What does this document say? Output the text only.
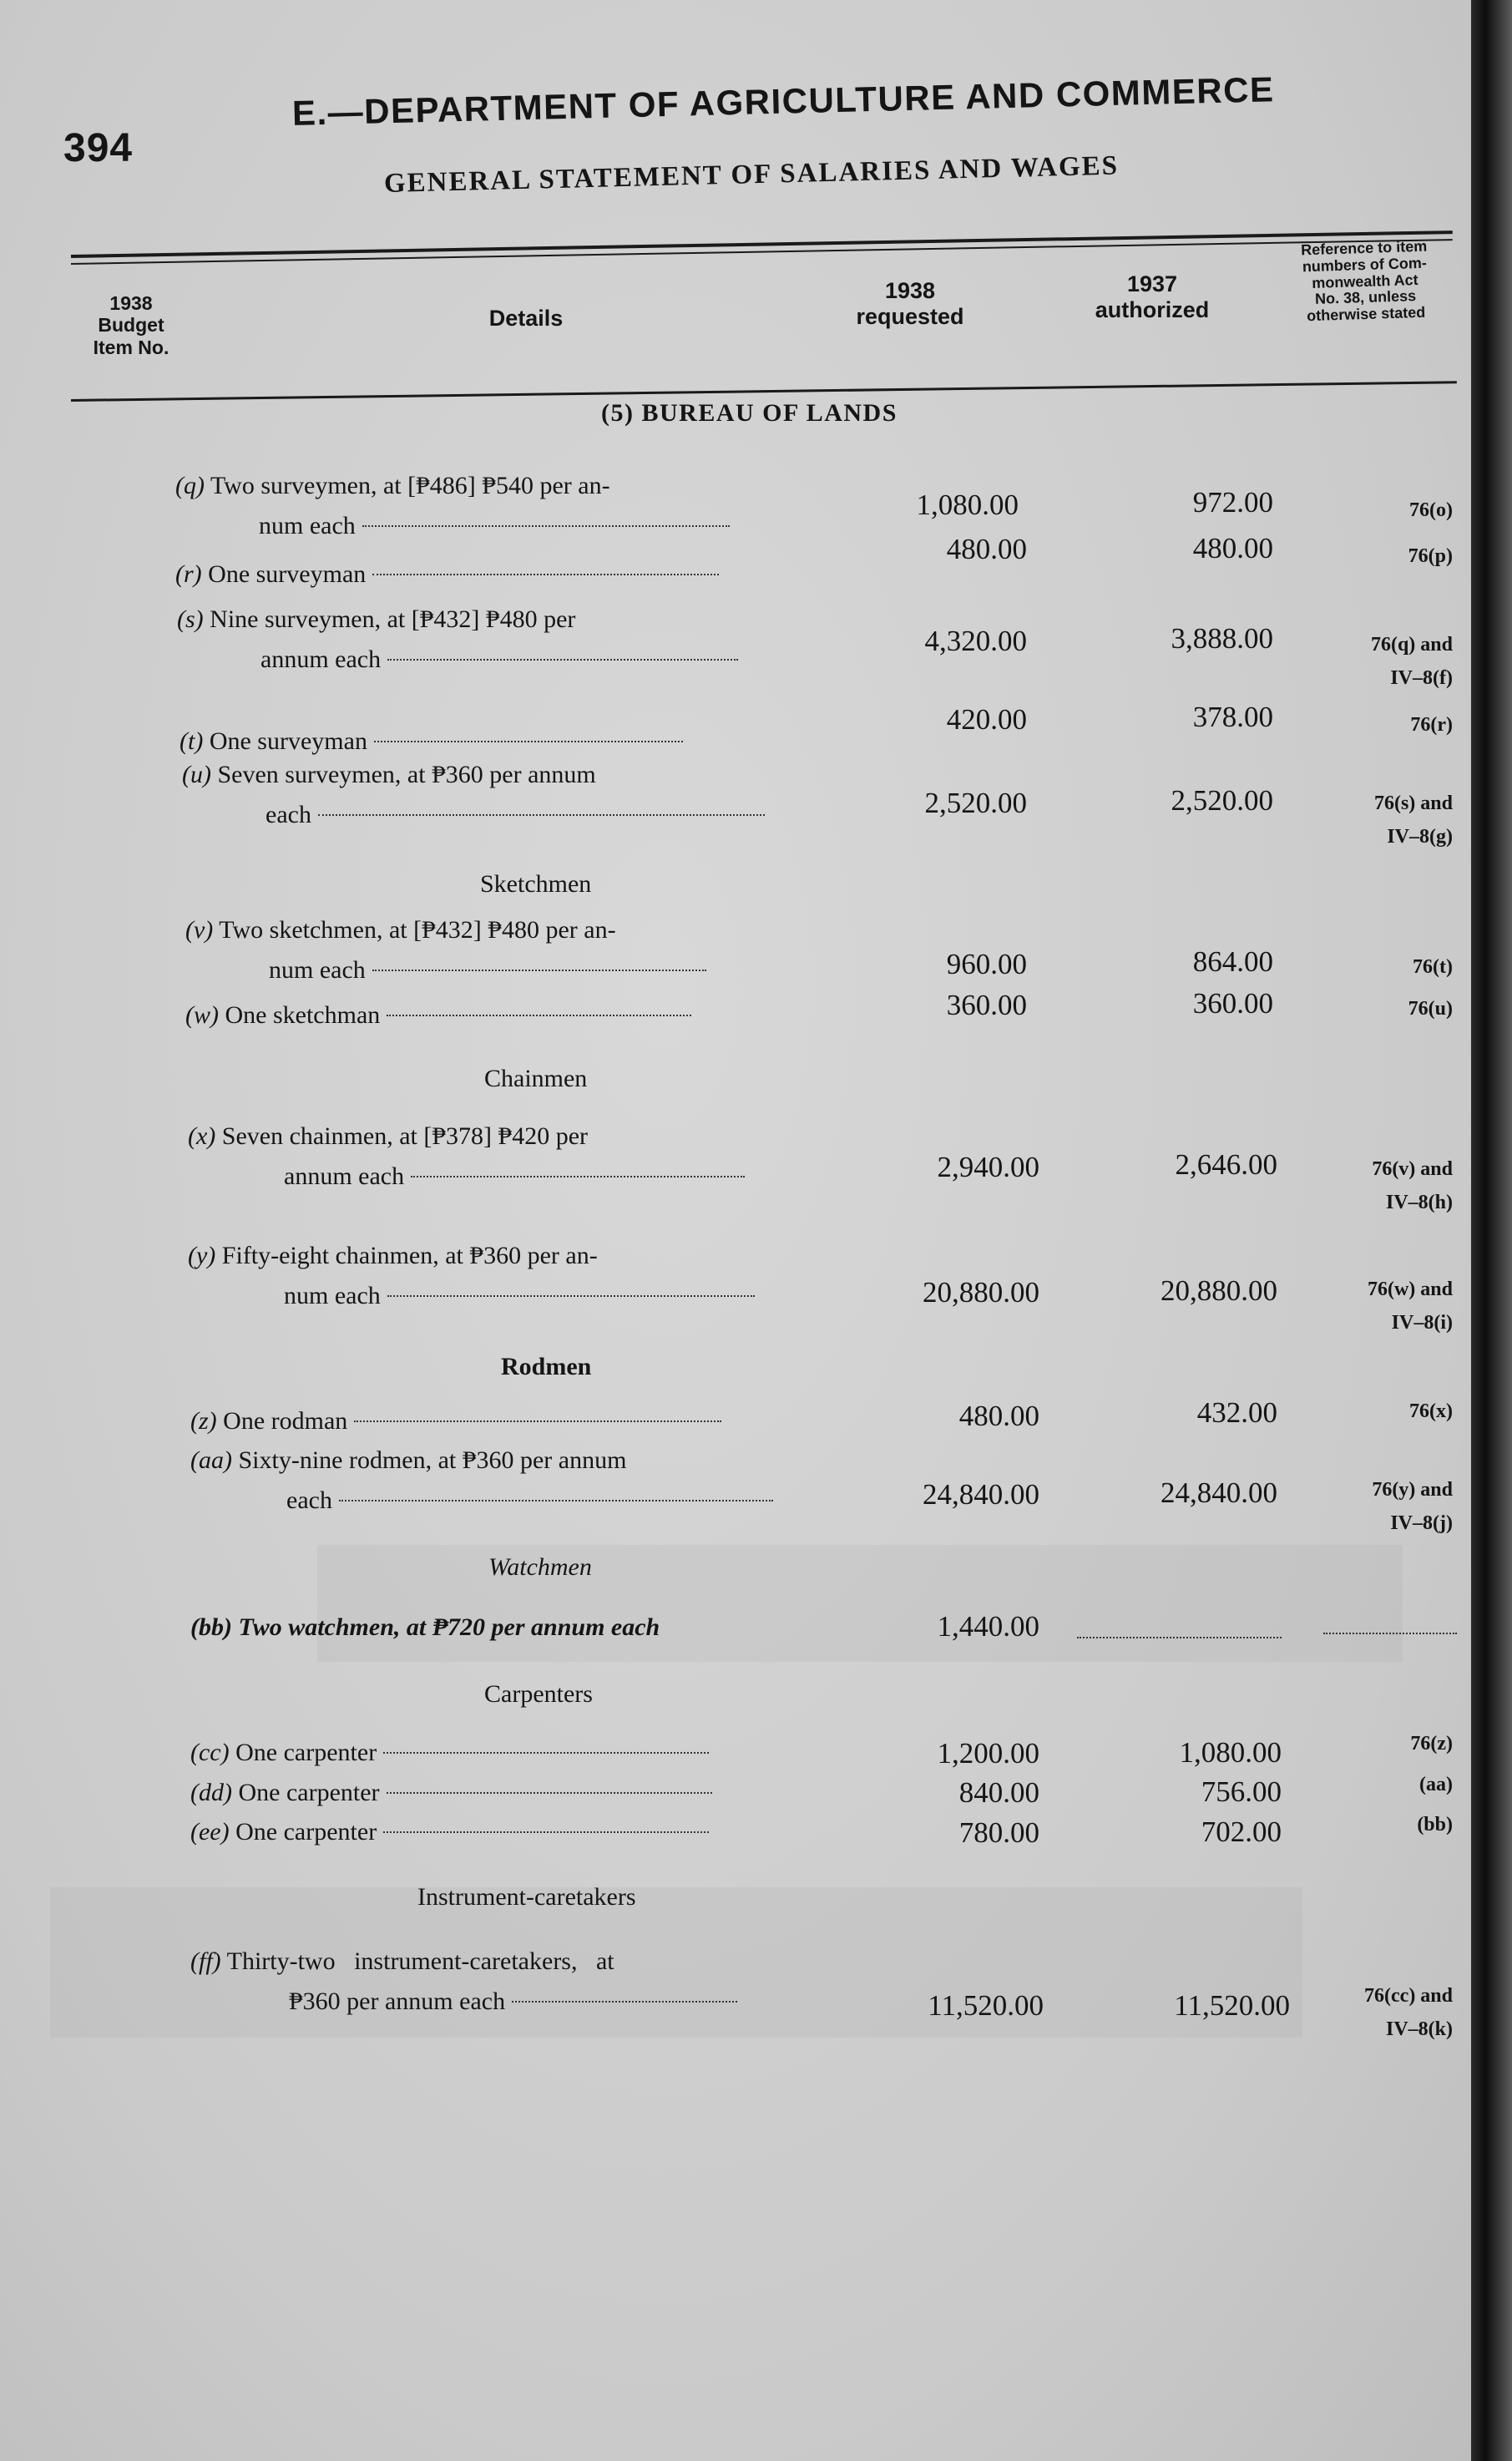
394
E.—DEPARTMENT OF AGRICULTURE AND COMMERCE
GENERAL STATEMENT OF SALARIES AND WAGES
1938
Budget
Item No.
Details
1938
requested
1937
authorized
Reference to item
numbers of Com-
monwealth Act
No. 38, unless
otherwise stated
(5) BUREAU OF LANDS
(q) Two surveymen, at [₱486] ₱540 per an-
num each
1,080.00	972.00	76(o)
(r) One surveyman
480.00	480.00	76(p)
(s) Nine surveymen, at [₱432] ₱480 per
annum each
4,320.00	3,888.00	76(q) and
IV–8(f)
(t) One surveyman
420.00	378.00	76(r)
(u) Seven surveymen, at ₱360 per annum
each	2,520.00	2,520.00	76(s) and
IV–8(g)
Sketchmen
(v) Two sketchmen, at [₱432] ₱480 per an-
num each	960.00	864.00	76(t)
(w) One sketchman	360.00	360.00	76(u)
Chainmen
(x) Seven chainmen, at [₱378] ₱420 per
annum each	2,940.00	2,646.00	76(v) and
IV–8(h)
(y) Fifty-eight chainmen, at ₱360 per an-
num each	20,880.00	20,880.00	76(w) and
IV–8(i)
Rodmen
(z) One rodman	480.00	432.00	76(x)
(aa) Sixty-nine rodmen, at ₱360 per annum
each	24,840.00	24,840.00	76(y) and
IV–8(j)
Watchmen
(bb) Two watchmen, at ₱720 per annum each	1,440.00
Carpenters
(cc) One carpenter	1,200.00	1,080.00	76(z)
(dd) One carpenter	840.00	756.00	(aa)
(ee) One carpenter	780.00	702.00	(bb)
Instrument-caretakers
(ff) Thirty-two   instrument-caretakers,   at
₱360 per annum each	11,520.00	11,520.00	76(cc) and
IV–8(k)
